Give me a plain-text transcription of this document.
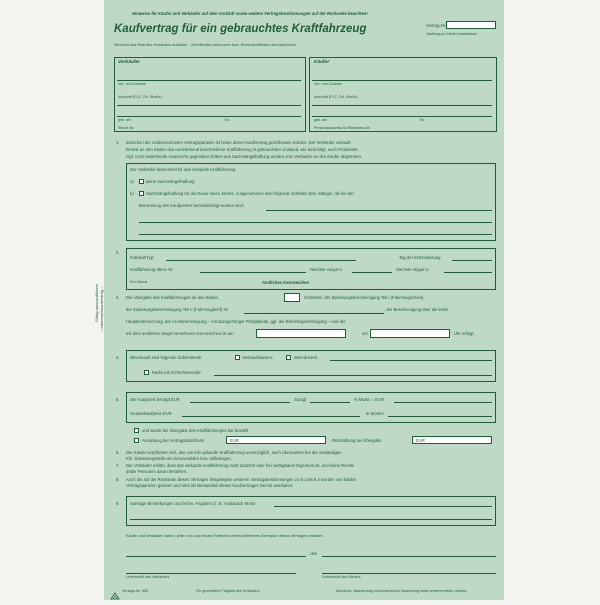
Hinweise für Käufer und Verkäufer auf dem Vorblatt sowie weitere Vertragsbestimmungen auf der Rückseite beachten!
Kaufvertrag für ein gebrauchtes Kraftfahrzeug	Vertrag-Nr.
Nachtrag zu Käufer-Nachtweise
Schreibd das Blatt des Verkäufers ausfüllen · Zutreffendes ankreuzen bzw. Nichtzutreffendes durchstreichen
Verkäufer
Vor- und Zuname
Anschrift (PLZ, Ort, Straße)
geb. am	Tel.:
Steuer-Nr.
Käufer
Vor- und Zuname
Anschrift (PLZ, Ort, Straße)
geb. am	Tel.:
Personalausweis-Nr./Reisepass-Nr.
1. Zwischen der vorbezeichneten Vertragsparteien ist heute dieser Kaufvertrag geschlossen worden. Der Verkäufer verkauft
hiermit an den Käufer das nachstehend beschriebene Kraftfahrzeug in gebrauchtem Zustand, wie besichtigt, nach Probefahrt.
Ggf. noch bestehende Ansprüche gegenüber Dritten aus Sachmängelhaftung werden vom Verkäufer an den Käufer abgetreten.
Der Verkäufer übernimmt für das verkaufte Kraftfahrzeug
a)	keine Sachmängelhaftung
b)	Sachmängelhaftung für die Dauer eines Jahres. Ausgenommen sind folgende Schäden bzw. Mängel, die bei der
Bemessung des Kaufpreises berücksichtigt worden sind:
2.
Fabrikat/Typ:	Tag der Erstzulassung
Kraftfahrzeug-Ident.-Nr.	Nächste Haupt-U.	Nächste Abgas-U.
Km-Stand	Amtliches Kennzeichen
3. Die Übergabe des Kraftfahrzeuges an den Käufer,	Schlüssel, der Zulassungsbescheinigung Teil I (Fahrzeugschein),
der Zulassungsbescheinigung Teil II (Fahrzeugbrief) Nr.	, der Bescheinigung über die letzte
Hauptuntersuchung, der AU-Bescheinigung – mit dazugehöriger Prüfplakette, ggf. der Betriebsgenehmigung – und der
mit dem amtlichen Siegel versehenen Kennzeichen ist am	um	Uhr erfolgt.
4.	Mitverkauft sind folgende Zubehörteile:	Verbandskasten,	Warndreieck,
Radio mit Sicherheitscode
5.	Der Kaufpreis beträgt EUR	zuzügl.	% MwSt. = EUR
Gesamtkaufpreis EUR	in Worten
und wurde bei Übergabe des Kraftfahrzeuges bar bezahlt
Anzahlung bei Vertragsabschluss	EUR	Restzahlung bei Übergabe	EUR
6. Der Käufer verpflichtet sich, das von ihm gekaufte Kraftfahrzeug unverzüglich, nach Übernahme bei der zuständigen
Kfz.-Zulassungsstelle ein-/umzumelden bzw. stillzulegen.
7. Der Verkäufer erklärt, dass das verkaufte Kraftfahrzeug nicht Zubehör oder frei verfügbaren Eigentum ist, und keine Rechte
dritter Personen daran bestehen.
8. Auch die auf der Rückseite dieses Vertrages festgelegten weiteren Vertragsbestimmungen zu 8.1 bis 8.4 wurden von beiden
Vertragsparteien gelesen und sind als Bestandteil dieses Kaufvertrages hiermit anerkannt.
9.	Sonstige Bemerkungen und techn. Angaben (z. B. Austausch-Motor
Käufer und Verkäufer haben, jeder von uns beiden Partnern unterschriebenes Exemplar dieses Vertrages erhalten.
, den
Unterschrift des Verkäufers	Unterschrift des Käufers
Verlags-Nr. 506	Für gewerbliche Tätigkeit des Verkäufers	Nachdruck, Nachahmung und elektronische Speicherung sowie urheberrechtlich verboten
Gültig durchzuführen! – Interessenkaufvertrag –
